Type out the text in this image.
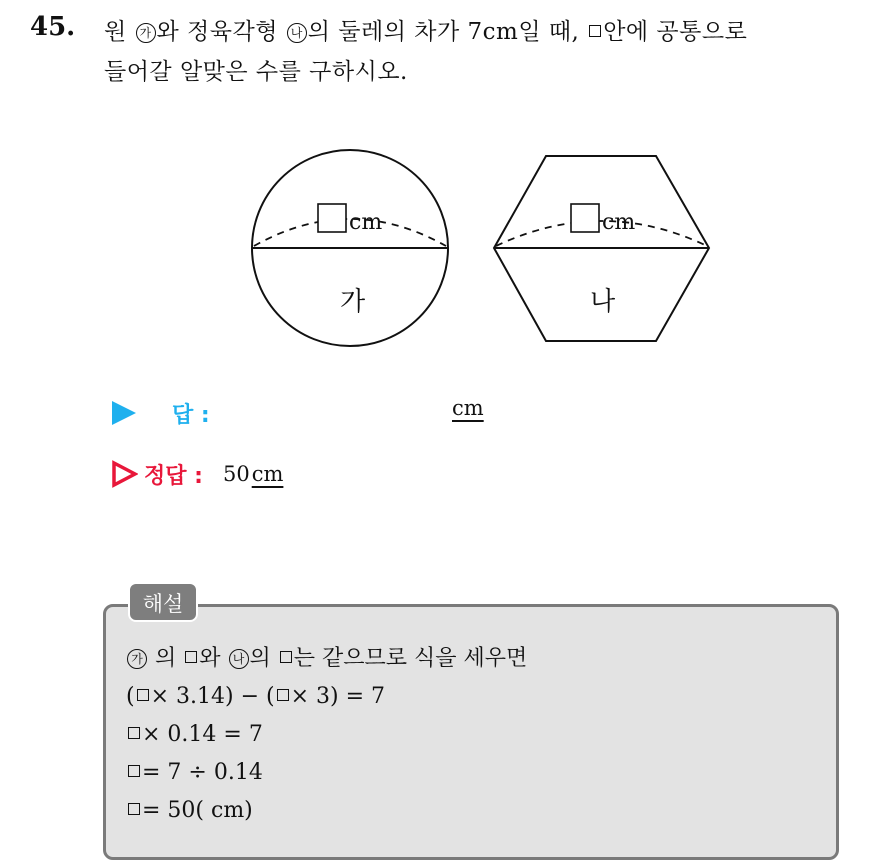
45. 원 가 와 정육각형 나 의 둘레의 차가 7cm일 때, 안에 공통으로
들어갈 알맞은 수를 구하시오.
cm
가
cm
나
답 :	cm
정답 : 50cm
해설
가 의 와 나 의 는 같으므로 식을 세우면
( × 3.14) − ( × 3) = 7
× 0.14 = 7
= 7 ÷ 0.14
= 50( cm)
